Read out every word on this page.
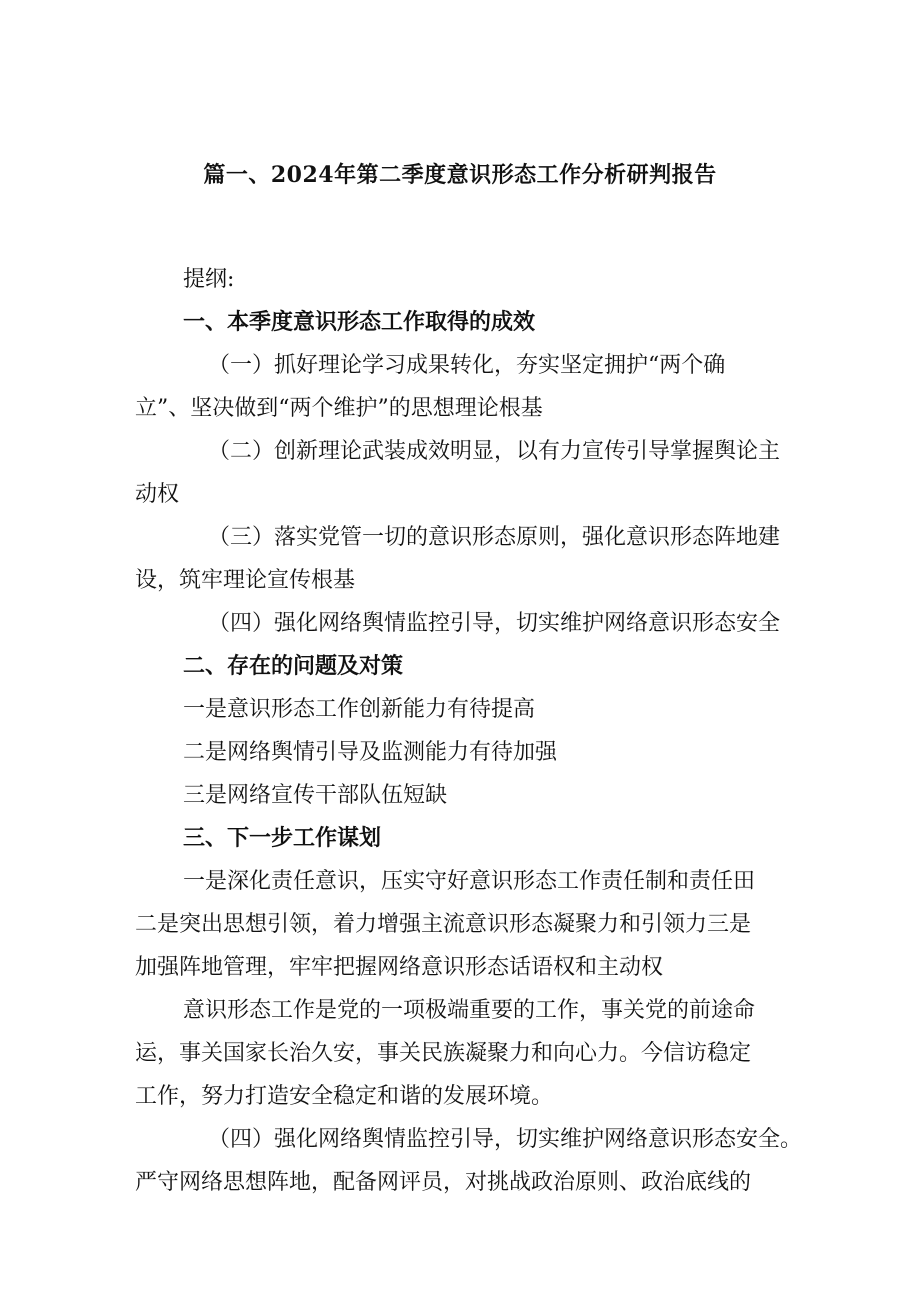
篇一、2024年第二季度意识形态工作分析研判报告
提纲:
一、本季度意识形态工作取得的成效
（一）抓好理论学习成果转化，夯实坚定拥护“两个确
立”、坚决做到“两个维护”的思想理论根基
（二）创新理论武装成效明显，以有力宣传引导掌握舆论主
动权
（三）落实党管一切的意识形态原则，强化意识形态阵地建
设，筑牢理论宣传根基
（四）强化网络舆情监控引导，切实维护网络意识形态安全
二、存在的问题及对策
一是意识形态工作创新能力有待提高
二是网络舆情引导及监测能力有待加强
三是网络宣传干部队伍短缺
三、下一步工作谋划
一是深化责任意识，压实守好意识形态工作责任制和责任田
二是突出思想引领，着力增强主流意识形态凝聚力和引领力三是
加强阵地管理，牢牢把握网络意识形态话语权和主动权
意识形态工作是党的一项极端重要的工作，事关党的前途命
运，事关国家长治久安，事关民族凝聚力和向心力。今信访稳定
工作，努力打造安全稳定和谐的发展环境。
（四）强化网络舆情监控引导，切实维护网络意识形态安全。
严守网络思想阵地，配备网评员，对挑战政治原则、政治底线的
